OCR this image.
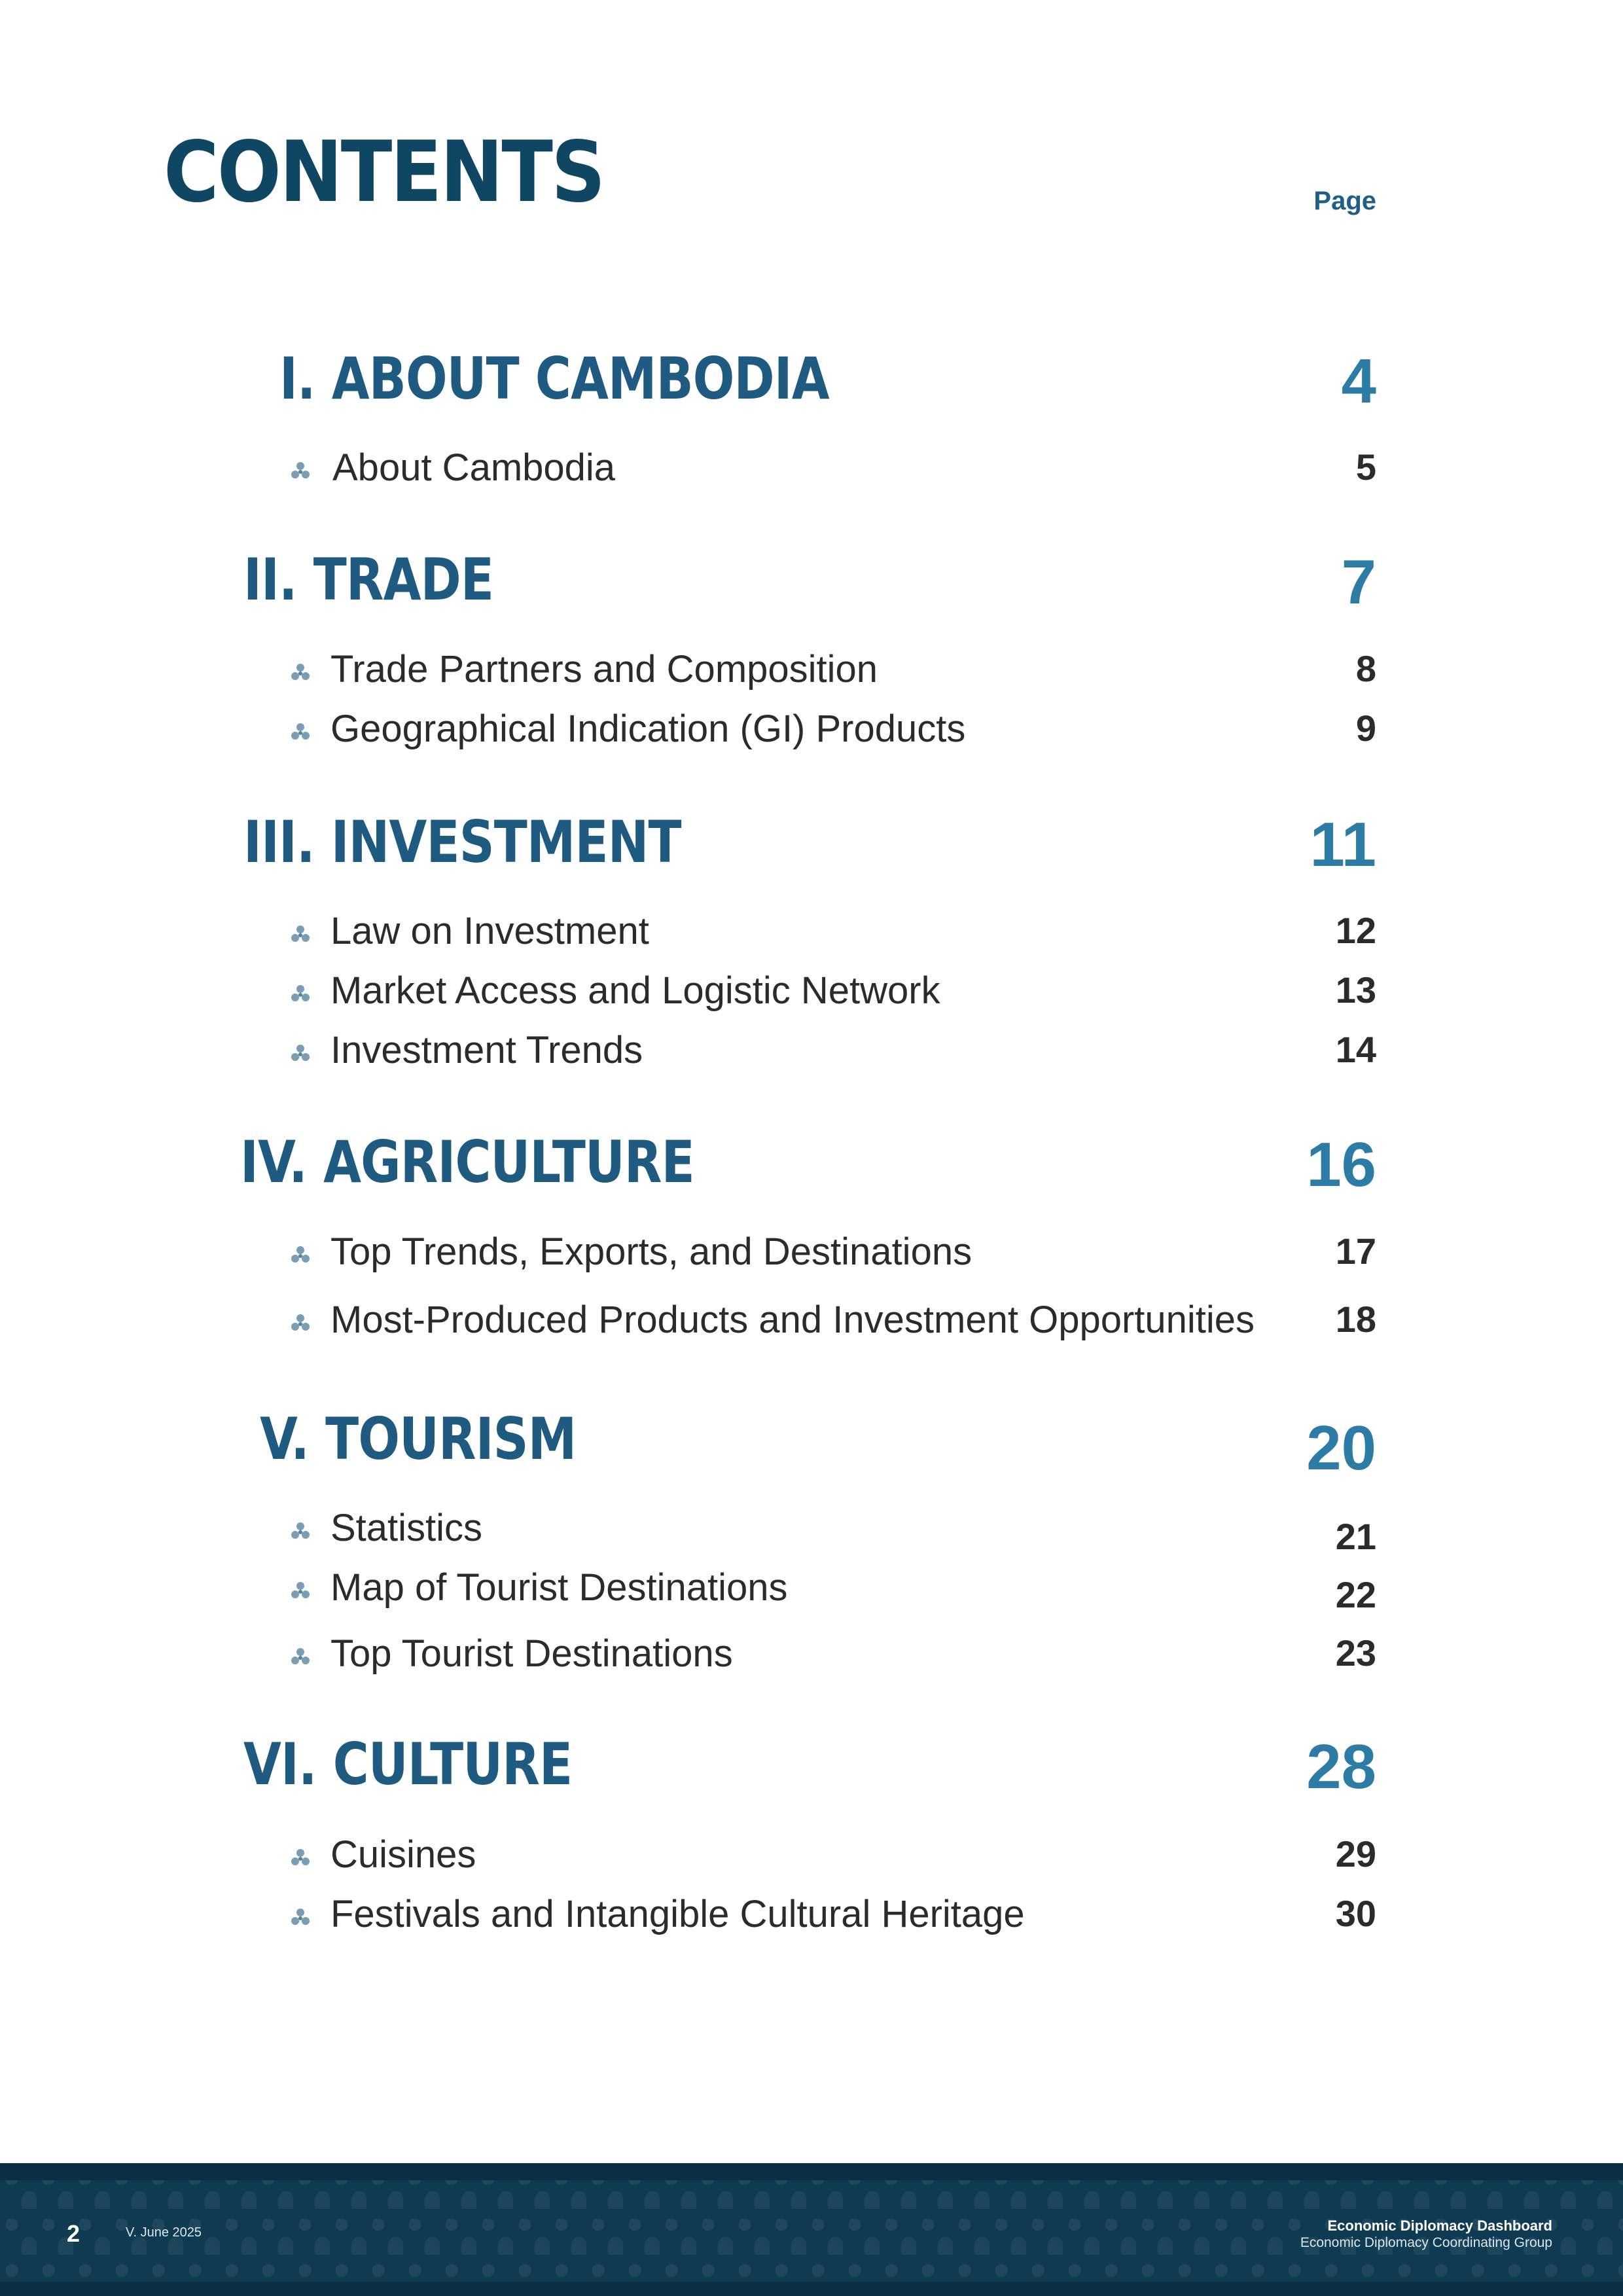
CONTENTS	Page
I. ABOUT CAMBODIA	4
About Cambodia	5
II. TRADE	7
Trade Partners and Composition	8
Geographical Indication (GI) Products	9
III. INVESTMENT	11
Law on Investment	12
Market Access and Logistic Network	13
Investment Trends	14
IV. AGRICULTURE	16
Top Trends, Exports, and Destinations	17
Most-Produced Products and Investment Opportunities 18
V. TOURISM	20
Statistics	21
Map of Tourist Destinations	22
Top Tourist Destinations	23
VI. CULTURE	28
Cuisines	29
Festivals and Intangible Cultural Heritage	30
2	V. June 2025	Economic Diplomacy Dashboard
Economic Diplomacy Coordinating Group
